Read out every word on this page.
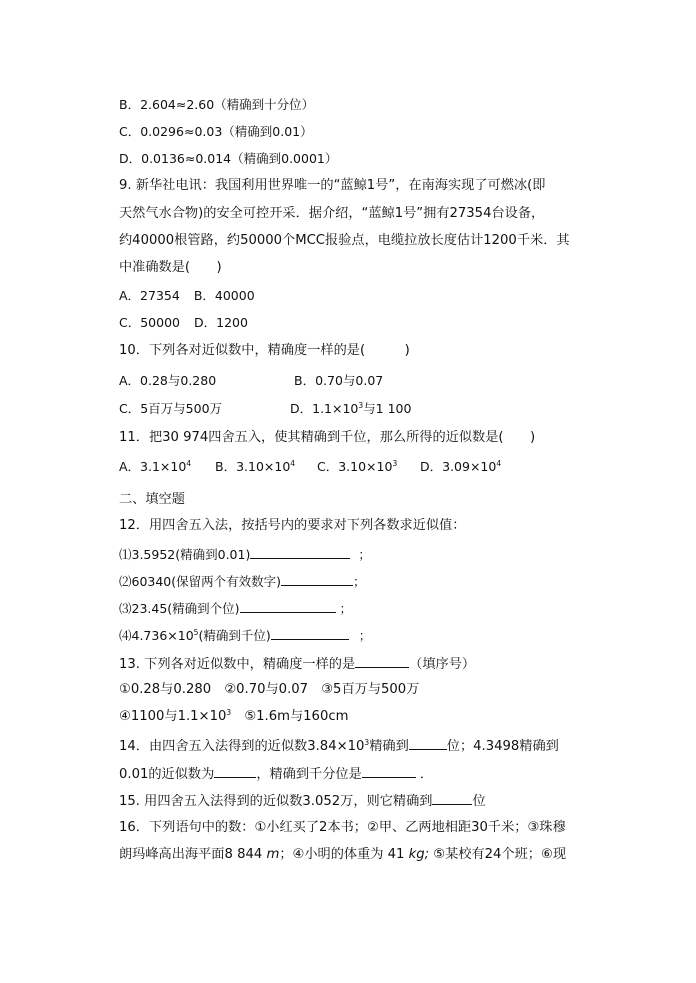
B．2.604≈2.60（精确到十分位）
C．0.0296≈0.03（精确到0.01）
D．0.0136≈0.014（精确到0.0001）
9. 新华社电讯：我国利用世界唯一的“蓝鲸1号”，在南海实现了可燃冰(即
天然气水合物)的安全可控开采．据介绍，“蓝鲸1号”拥有27354台设备，
约40000根管路，约50000个MCC报验点，电缆拉放长度估计1200千米．其
中准确数是(　　)
A．27354 B．40000
C．50000 D．1200
10．下列各对近似数中，精确度一样的是(　　　)
A．0.28与0.280	B．0.70与0.07
C．5百万与500万	D．$1.1\times 10^3$与1 100
11．把30 974四舍五入，使其精确到千位，那么所得的近似数是(　　)
A．$3.1\times 10^4$ B．$3.10\times 10^4$ C．$3.10\times 10^3$ D．$3.09\times 10^4$
二、填空题
12．用四舍五入法，按括号内的要求对下列各数求近似值：
⑴3.5952(精确到0.01)	；
⑵60340(保留两个有效数字)	；
⑶23.45(精确到个位)	；
$⑷4.736\times 10^5$(精确到千位)	；
13. 下列各对近似数中，精确度一样的是	（填序号）
①0.28与0.280　②0.70与0.07　③5百万与500万
④1100与$1.1\times 10^3$　⑤1.6m与160cm
14．由四舍五入法得到的近似数$3.84\times 10^3$精确到	位；4.3498精确到
0.01的近似数为	，精确到千分位是	．
15. 用四舍五入法得到的近似数3.052万，则它精确到	位
16．下列语句中的数：①小红买了2本书；②甲、乙两地相距30千米；③珠穆
朗玛峰高出海平面8 844 m；④小明的体重为 41 kg; ⑤某校有24个班；⑥现
